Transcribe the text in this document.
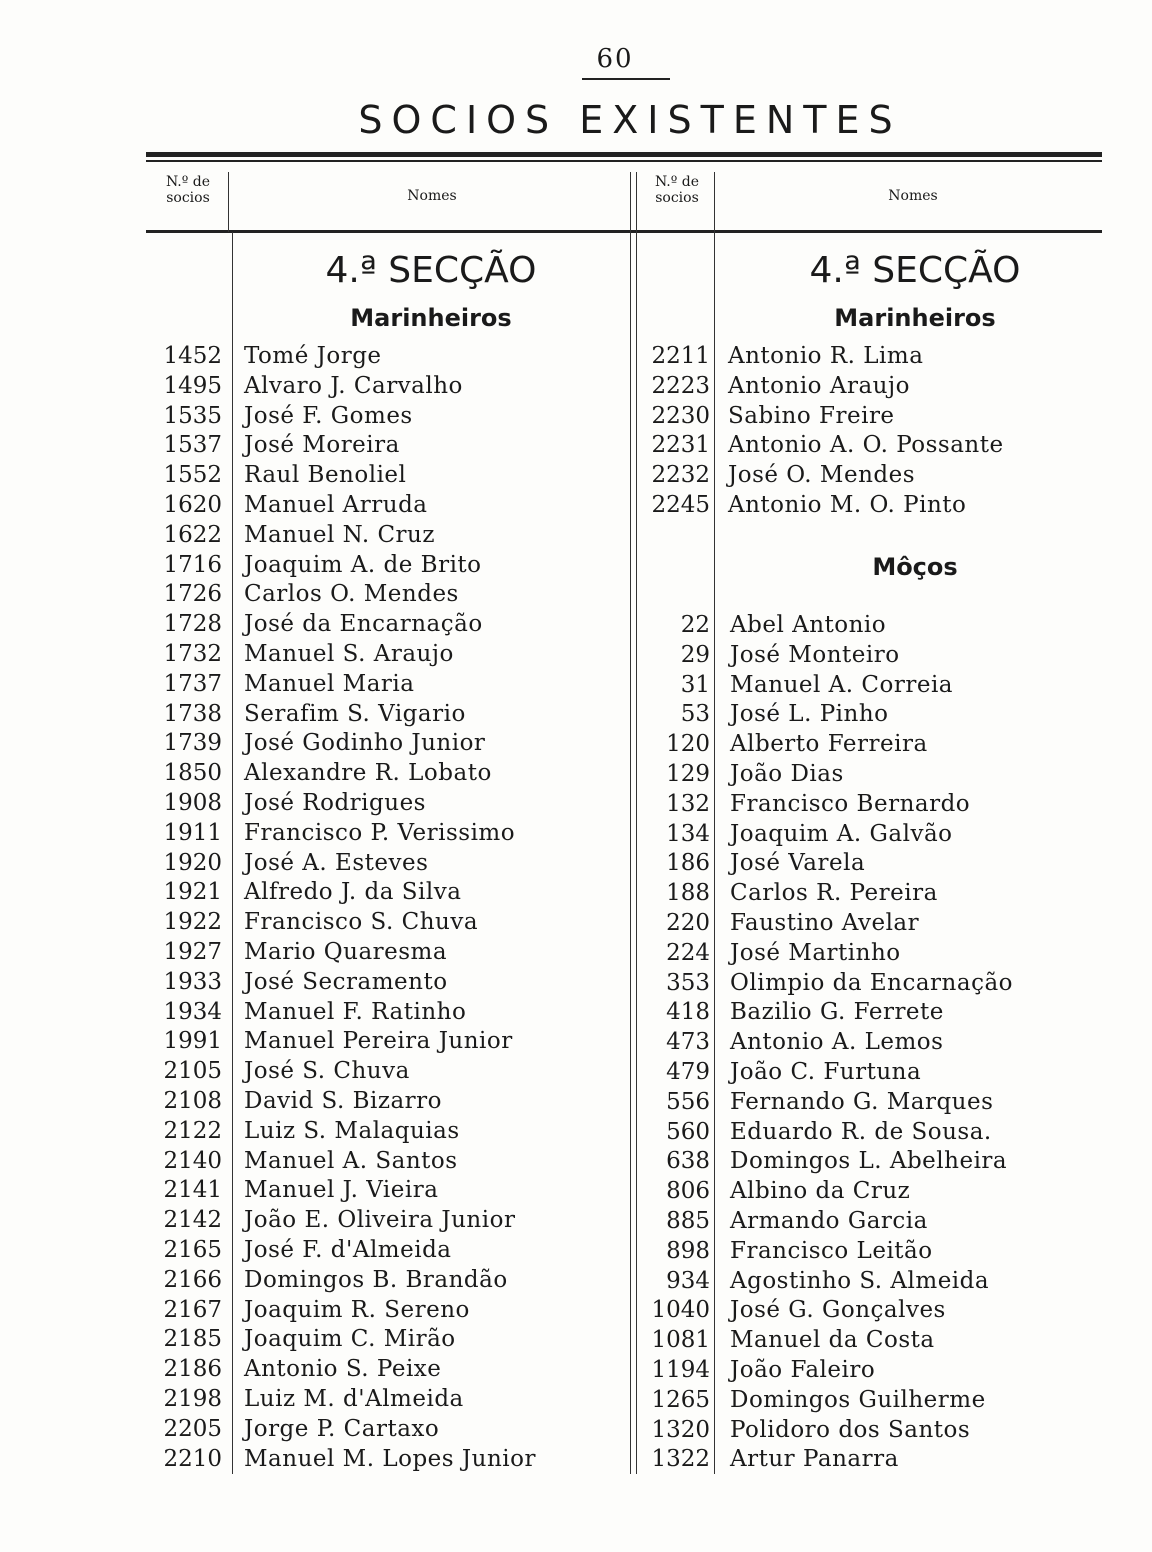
60
SOCIOS EXISTENTES
N.º de
socios	Nomes
N.º de
socios	Nomes
4.ª SECÇÃO
Marinheiros
1452 Tomé Jorge
1495 Alvaro J. Carvalho
1535 José F. Gomes
1537 José Moreira
1552 Raul Benoliel
1620 Manuel Arruda
1622 Manuel N. Cruz
1716 Joaquim A. de Brito
1726 Carlos O. Mendes
1728 José da Encarnação
1732 Manuel S. Araujo
1737 Manuel Maria
1738 Serafim S. Vigario
1739 José Godinho Junior
1850 Alexandre R. Lobato
1908 José Rodrigues
1911 Francisco P. Verissimo
1920 José A. Esteves
1921 Alfredo J. da Silva
1922 Francisco S. Chuva
1927 Mario Quaresma
1933 José Secramento
1934 Manuel F. Ratinho
1991 Manuel Pereira Junior
2105 José S. Chuva
2108 David S. Bizarro
2122 Luiz S. Malaquias
2140 Manuel A. Santos
2141 Manuel J. Vieira
2142 João E. Oliveira Junior
2165 José F. d'Almeida
2166 Domingos B. Brandão
2167 Joaquim R. Sereno
2185 Joaquim C. Mirão
2186 Antonio S. Peixe
2198 Luiz M. d'Almeida
2205 Jorge P. Cartaxo
2210 Manuel M. Lopes Junior
4.ª SECÇÃO
Marinheiros
2211 Antonio R. Lima
2223 Antonio Araujo
2230 Sabino Freire
2231 Antonio A. O. Possante
2232 José O. Mendes
2245 Antonio M. O. Pinto
Môços
22 Abel Antonio
29 José Monteiro
31 Manuel A. Correia
53 José L. Pinho
120 Alberto Ferreira
129 João Dias
132 Francisco Bernardo
134 Joaquim A. Galvão
186 José Varela
188 Carlos R. Pereira
220 Faustino Avelar
224 José Martinho
353 Olimpio da Encarnação
418 Bazilio G. Ferrete
473 Antonio A. Lemos
479 João C. Furtuna
556 Fernando G. Marques
560 Eduardo R. de Sousa.
638 Domingos L. Abelheira
806 Albino da Cruz
885 Armando Garcia
898 Francisco Leitão
934 Agostinho S. Almeida
1040 José G. Gonçalves
1081 Manuel da Costa
1194 João Faleiro
1265 Domingos Guilherme
1320 Polidoro dos Santos
1322 Artur Panarra
